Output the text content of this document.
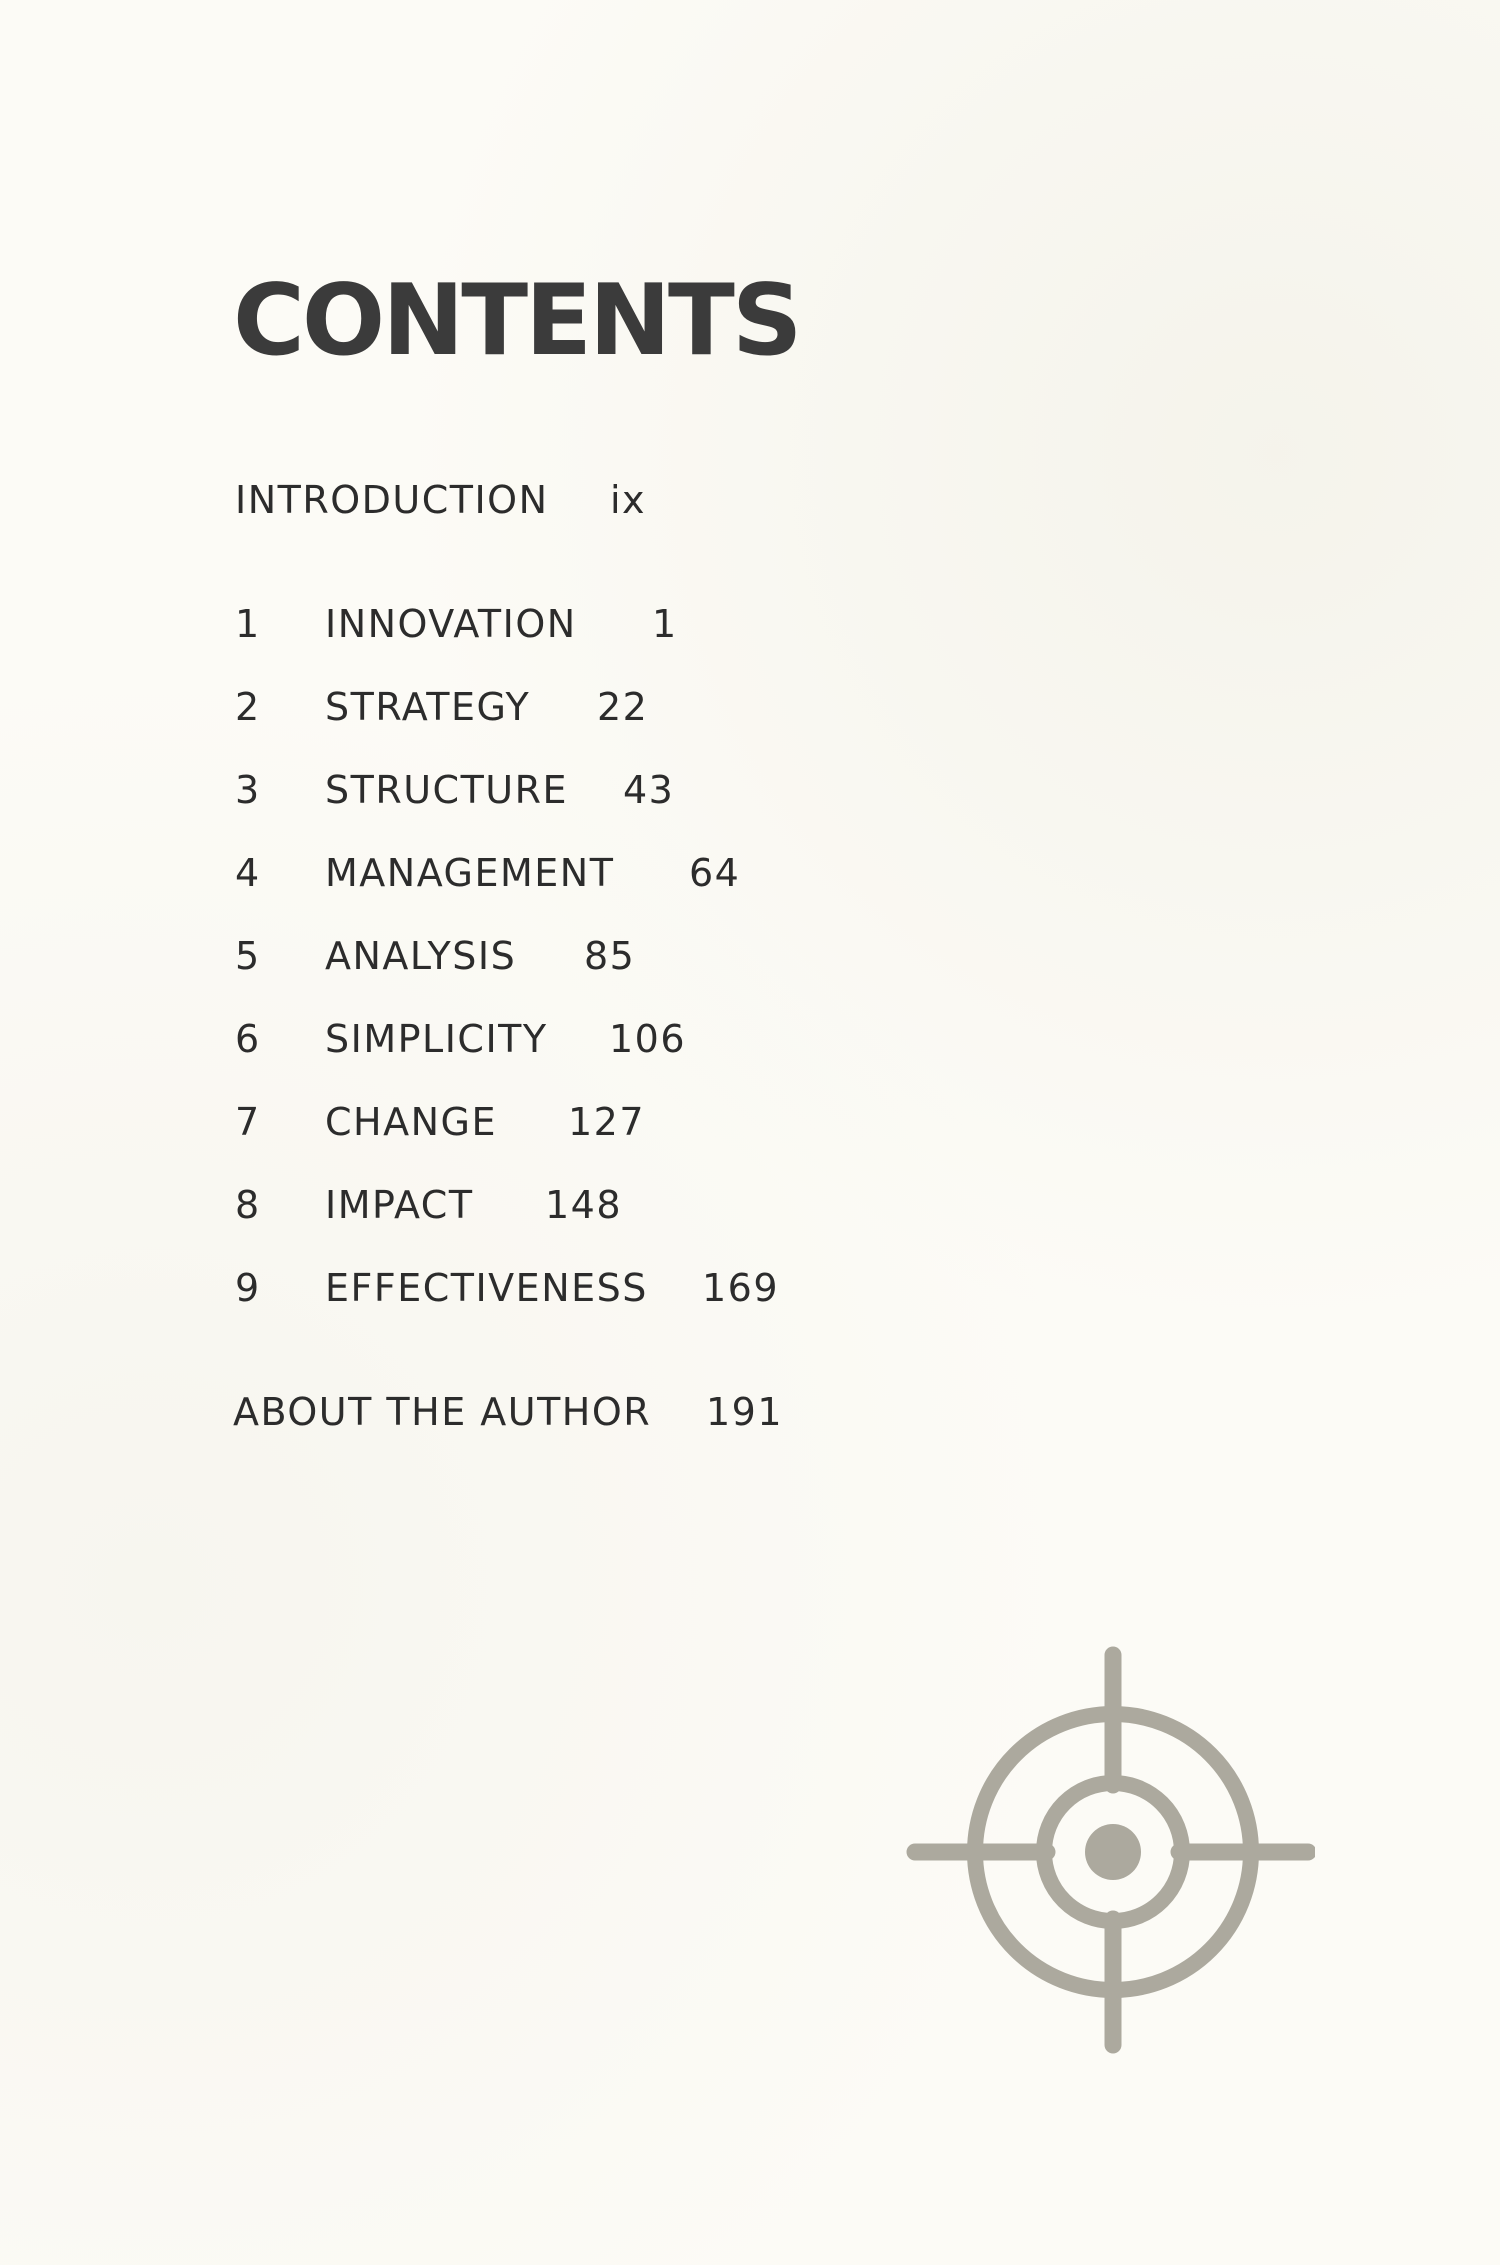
CONTENTS
INTRODUCTION ix
1 INNOVATION 1
2 STRATEGY 22
3 STRUCTURE 43
4 MANAGEMENT 64
5 ANALYSIS 85
6 SIMPLICITY 106
7 CHANGE 127
8 IMPACT 148
9 EFFECTIVENESS 169
ABOUT THE AUTHOR 191
